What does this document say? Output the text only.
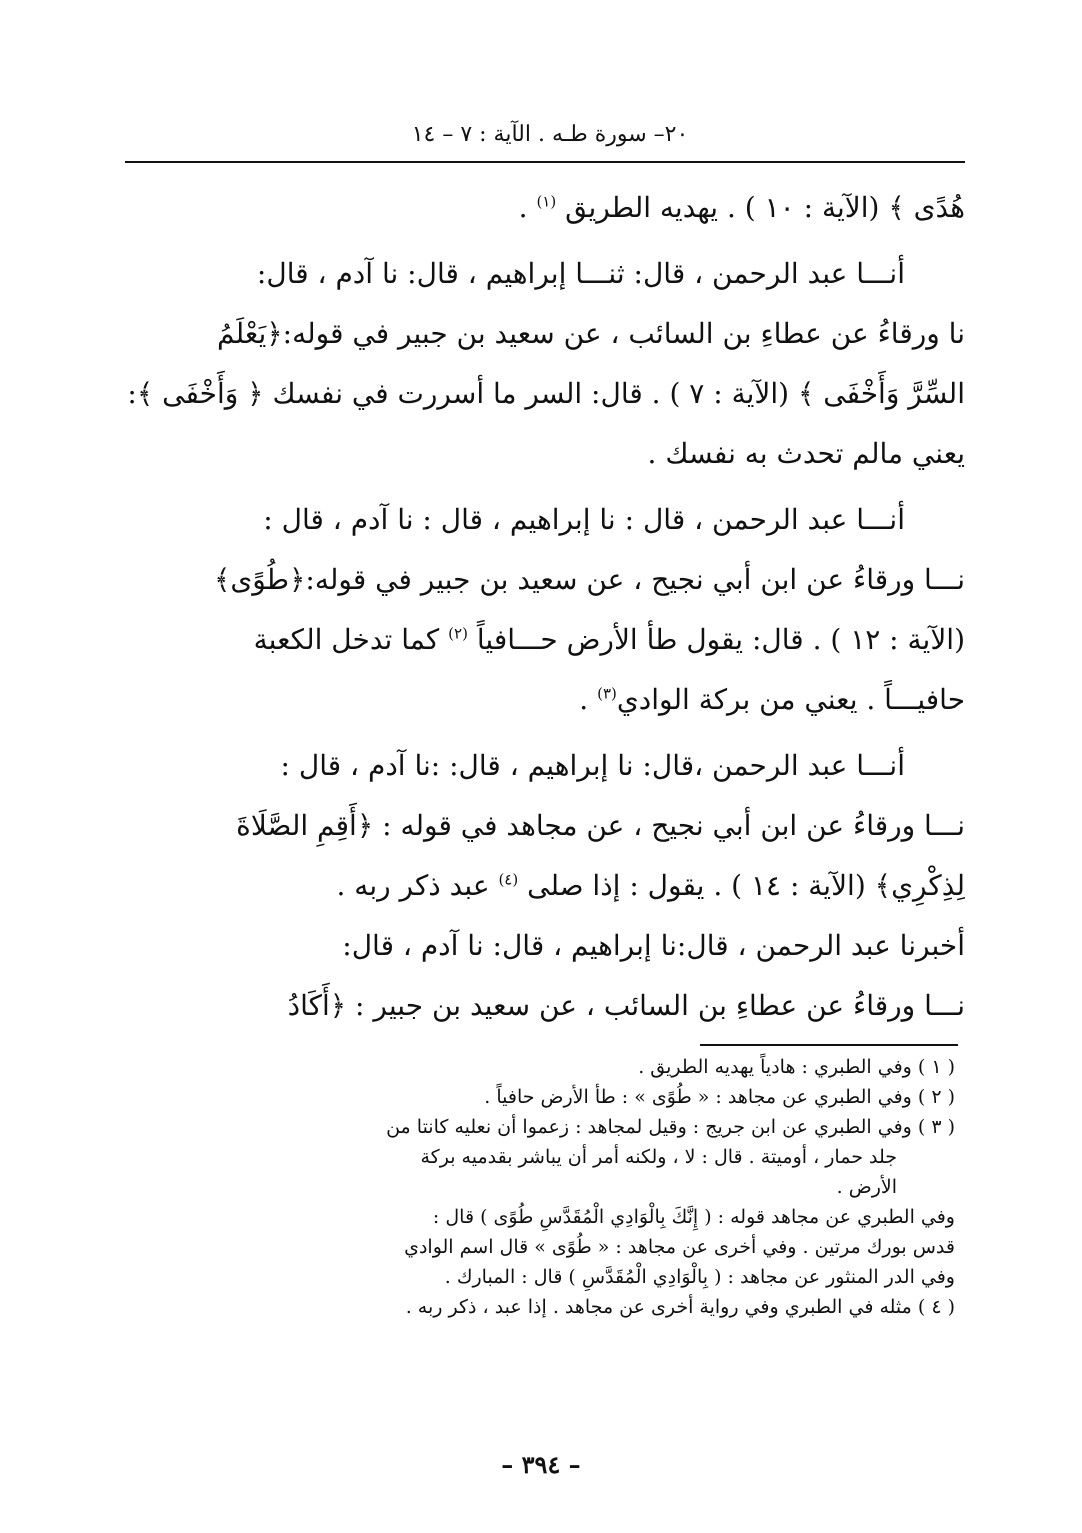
٢٠– سورة طـه . الآية : ٧ – ١٤
هُدًى ﴾ (الآية : ١٠ ) . يهديه الطريق $^{(١)}$ .
أنـــا عبد الرحمن ، قال: ثنـــا إبراهيم ، قال: نا آدم ، قال:
نا ورقاءُ عن عطاءِ بن السائب ، عن سعيد بن جبير في قوله:﴿يَعْلَمُ
السِّرَّ وَأَخْفَى ﴾ (الآية : ٧ ) . قال: السر ما أسررت في نفسك ﴿ وَأَخْفَى ﴾:
يعني مالم تحدث به نفسك .
أنـــا عبد الرحمن ، قال : نا إبراهيم ، قال : نا آدم ، قال :
نـــا ورقاءُ عن ابن أبي نجيح ، عن سعيد بن جبير في قوله:﴿طُوًى﴾
(الآية : ١٢ ) . قال: يقول طأ الأرض حـــافياً $^{(٢)}$ كما تدخل الكعبة
حافيـــاً . يعني من بركة الوادي$^{(٣)}$ .
أنـــا عبد الرحمن ،قال: نا إبراهيم ، قال: :نا آدم ، قال :
نـــا ورقاءُ عن ابن أبي نجيح ، عن مجاهد في قوله : ﴿أَقِمِ الصَّلَاةَ
لِذِكْرِي﴾ (الآية : ١٤ ) . يقول : إذا صلى $^{(٤)}$ عبد ذكر ربه .
أخبرنا عبد الرحمن ، قال:نا إبراهيم ، قال: نا آدم ، قال:
نـــا ورقاءُ عن عطاءِ بن السائب ، عن سعيد بن جبير : ﴿أَكَادُ
( ١ ) وفي الطبري : هادياً يهديه الطريق .
( ٢ ) وفي الطبري عن مجاهد : « طُوًى » : طأ الأرض حافياً .
( ٣ ) وفي الطبري عن ابن جريج : وقيل لمجاهد : زعموا أن نعليه كانتا من
جلد حمار ، أوميتة . قال : لا ، ولكنه أمر أن يباشر بقدميه بركة
الأرض .
وفي الطبري عن مجاهد قوله : ( إِنَّكَ بِالْوَادِي الْمُقَدَّسِ طُوًى ) قال :
قدس بورك مرتين . وفي أخرى عن مجاهد : « طُوًى » قال اسم الوادي
وفي الدر المنثور عن مجاهد : ( بِالْوَادِي الْمُقَدَّسِ ) قال : المبارك .
( ٤ ) مثله في الطبري وفي رواية أخرى عن مجاهد . إذا عبد ، ذكر ربه .
– ٣٩٤ –
